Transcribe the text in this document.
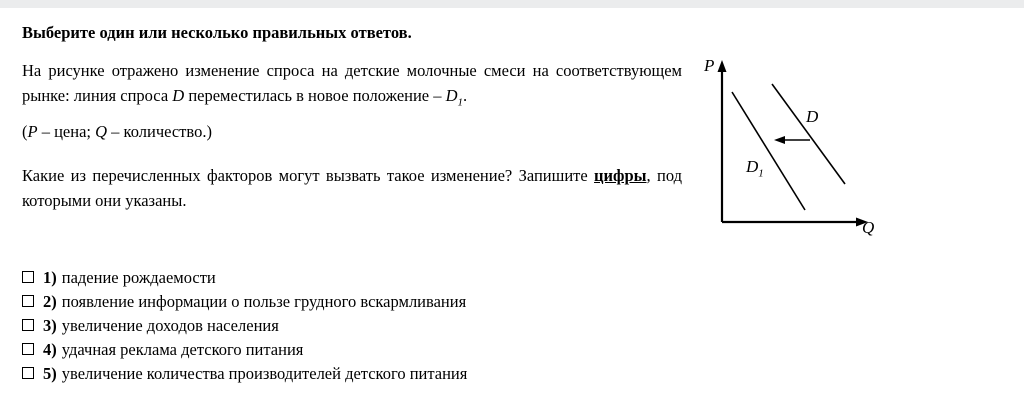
Выберите один или несколько правильных ответов.

На рисунке отражено изменение спроса на детские молочные смеси на соответствующем рынке: линия спроса D переместилась в новое положение – $D_1$.

(P – цена; Q – количество.)

Какие из перечисленных факторов могут вызвать такое изменение? Запишите цифры, под которыми они указаны.

P
Q
D
$D_1$
1) падение рождаемости
2) появление информации о пользе грудного вскармливания
3) увеличение доходов населения
4) удачная реклама детского питания
5) увеличение количества производителей детского питания
